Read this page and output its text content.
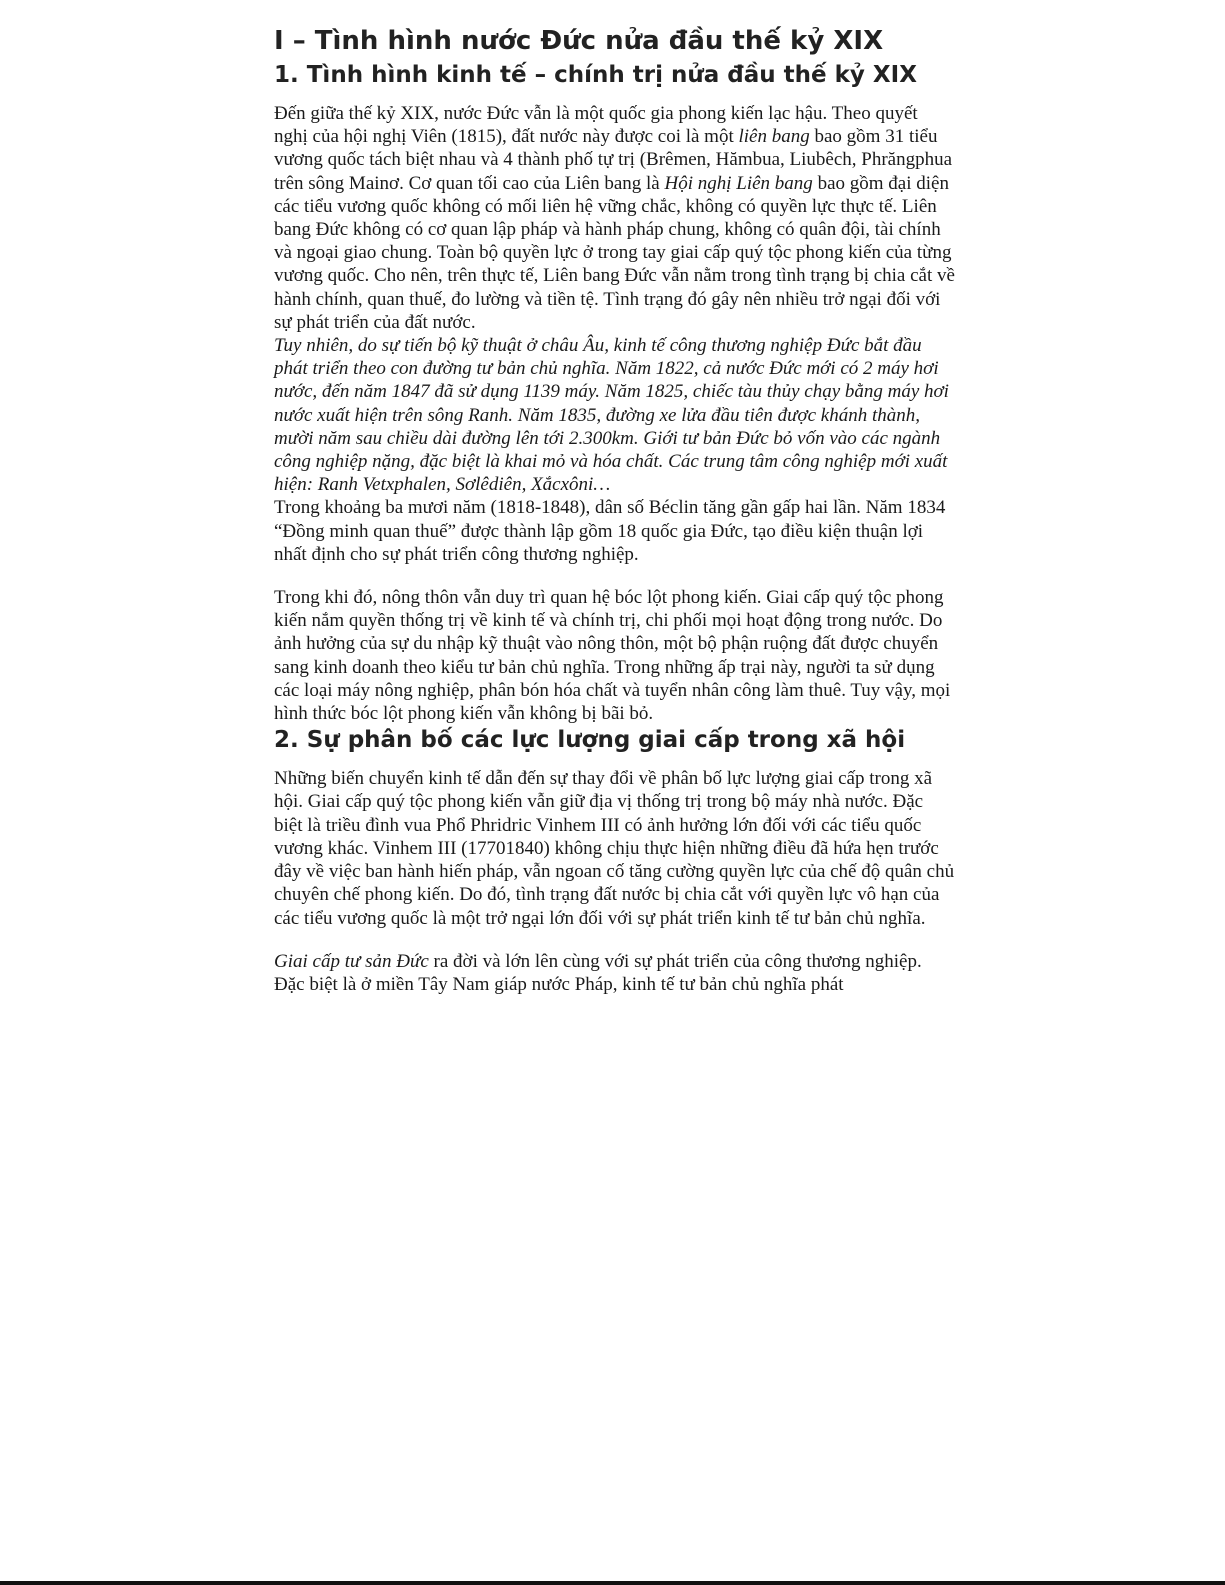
I – Tình hình nước Đức nửa đầu thế kỷ XIX
1. Tình hình kinh tế – chính trị nửa đầu thế kỷ XIX

Đến giữa thế kỷ XIX, nước Đức vẫn là một quốc gia phong kiến lạc hậu. Theo quyết nghị của hội nghị Viên (1815), đất nước này được coi là một liên bang bao gồm 31 tiểu vương quốc tách biệt nhau và 4 thành phố tự trị (Brêmen, Hămbua, Liubêch, Phrăngphua trên sông Mainơ. Cơ quan tối cao của Liên bang là Hội nghị Liên bang bao gồm đại diện các tiểu vương quốc không có mối liên hệ vững chắc, không có quyền lực thực tế. Liên bang Đức không có cơ quan lập pháp và hành pháp chung, không có quân đội, tài chính và ngoại giao chung. Toàn bộ quyền lực ở trong tay giai cấp quý tộc phong kiến của từng vương quốc. Cho nên, trên thực tế, Liên bang Đức vẫn nằm trong tình trạng bị chia cắt về hành chính, quan thuế, đo lường và tiền tệ. Tình trạng đó gây nên nhiều trở ngại đối với sự phát triển của đất nước.

Tuy nhiên, do sự tiến bộ kỹ thuật ở châu Âu, kinh tế công thương nghiệp Đức bắt đầu phát triển theo con đường tư bản chủ nghĩa. Năm 1822, cả nước Đức mới có 2 máy hơi nước, đến năm 1847 đã sử dụng 1139 máy. Năm 1825, chiếc tàu thủy chạy bằng máy hơi nước xuất hiện trên sông Ranh. Năm 1835, đường xe lửa đầu tiên được khánh thành, mười năm sau chiều dài đường lên tới 2.300km. Giới tư bản Đức bỏ vốn vào các ngành công nghiệp nặng, đặc biệt là khai mỏ và hóa chất. Các trung tâm công nghiệp mới xuất hiện: Ranh Vetxphalen, Sơlêdiên, Xắcxôni…

Trong khoảng ba mươi năm (1818-1848), dân số Béclin tăng gần gấp hai lần. Năm 1834 “Đồng minh quan thuế” được thành lập gồm 18 quốc gia Đức, tạo điều kiện thuận lợi nhất định cho sự phát triển công thương nghiệp.

Trong khi đó, nông thôn vẫn duy trì quan hệ bóc lột phong kiến. Giai cấp quý tộc phong kiến nắm quyền thống trị về kinh tế và chính trị, chi phối mọi hoạt động trong nước. Do ảnh hưởng của sự du nhập kỹ thuật vào nông thôn, một bộ phận ruộng đất được chuyển sang kinh doanh theo kiểu tư bản chủ nghĩa. Trong những ấp trại này, người ta sử dụng các loại máy nông nghiệp, phân bón hóa chất và tuyển nhân công làm thuê. Tuy vậy, mọi hình thức bóc lột phong kiến vẫn không bị bãi bỏ.

2. Sự phân bố các lực lượng giai cấp trong xã hội

Những biến chuyển kinh tế dẫn đến sự thay đổi về phân bố lực lượng giai cấp trong xã hội. Giai cấp quý tộc phong kiến vẫn giữ địa vị thống trị trong bộ máy nhà nước. Đặc biệt là triều đình vua Phổ Phridric Vinhem III có ảnh hưởng lớn đối với các tiểu quốc vương khác. Vinhem III (17701840) không chịu thực hiện những điều đã hứa hẹn trước đây về việc ban hành hiến pháp, vẫn ngoan cố tăng cường quyền lực của chế độ quân chủ chuyên chế phong kiến. Do đó, tình trạng đất nước bị chia cắt với quyền lực vô hạn của các tiểu vương quốc là một trở ngại lớn đối với sự phát triển kinh tế tư bản chủ nghĩa.

Giai cấp tư sản Đức ra đời và lớn lên cùng với sự phát triển của công thương nghiệp. Đặc biệt là ở miền Tây Nam giáp nước Pháp, kinh tế tư bản chủ nghĩa phát
